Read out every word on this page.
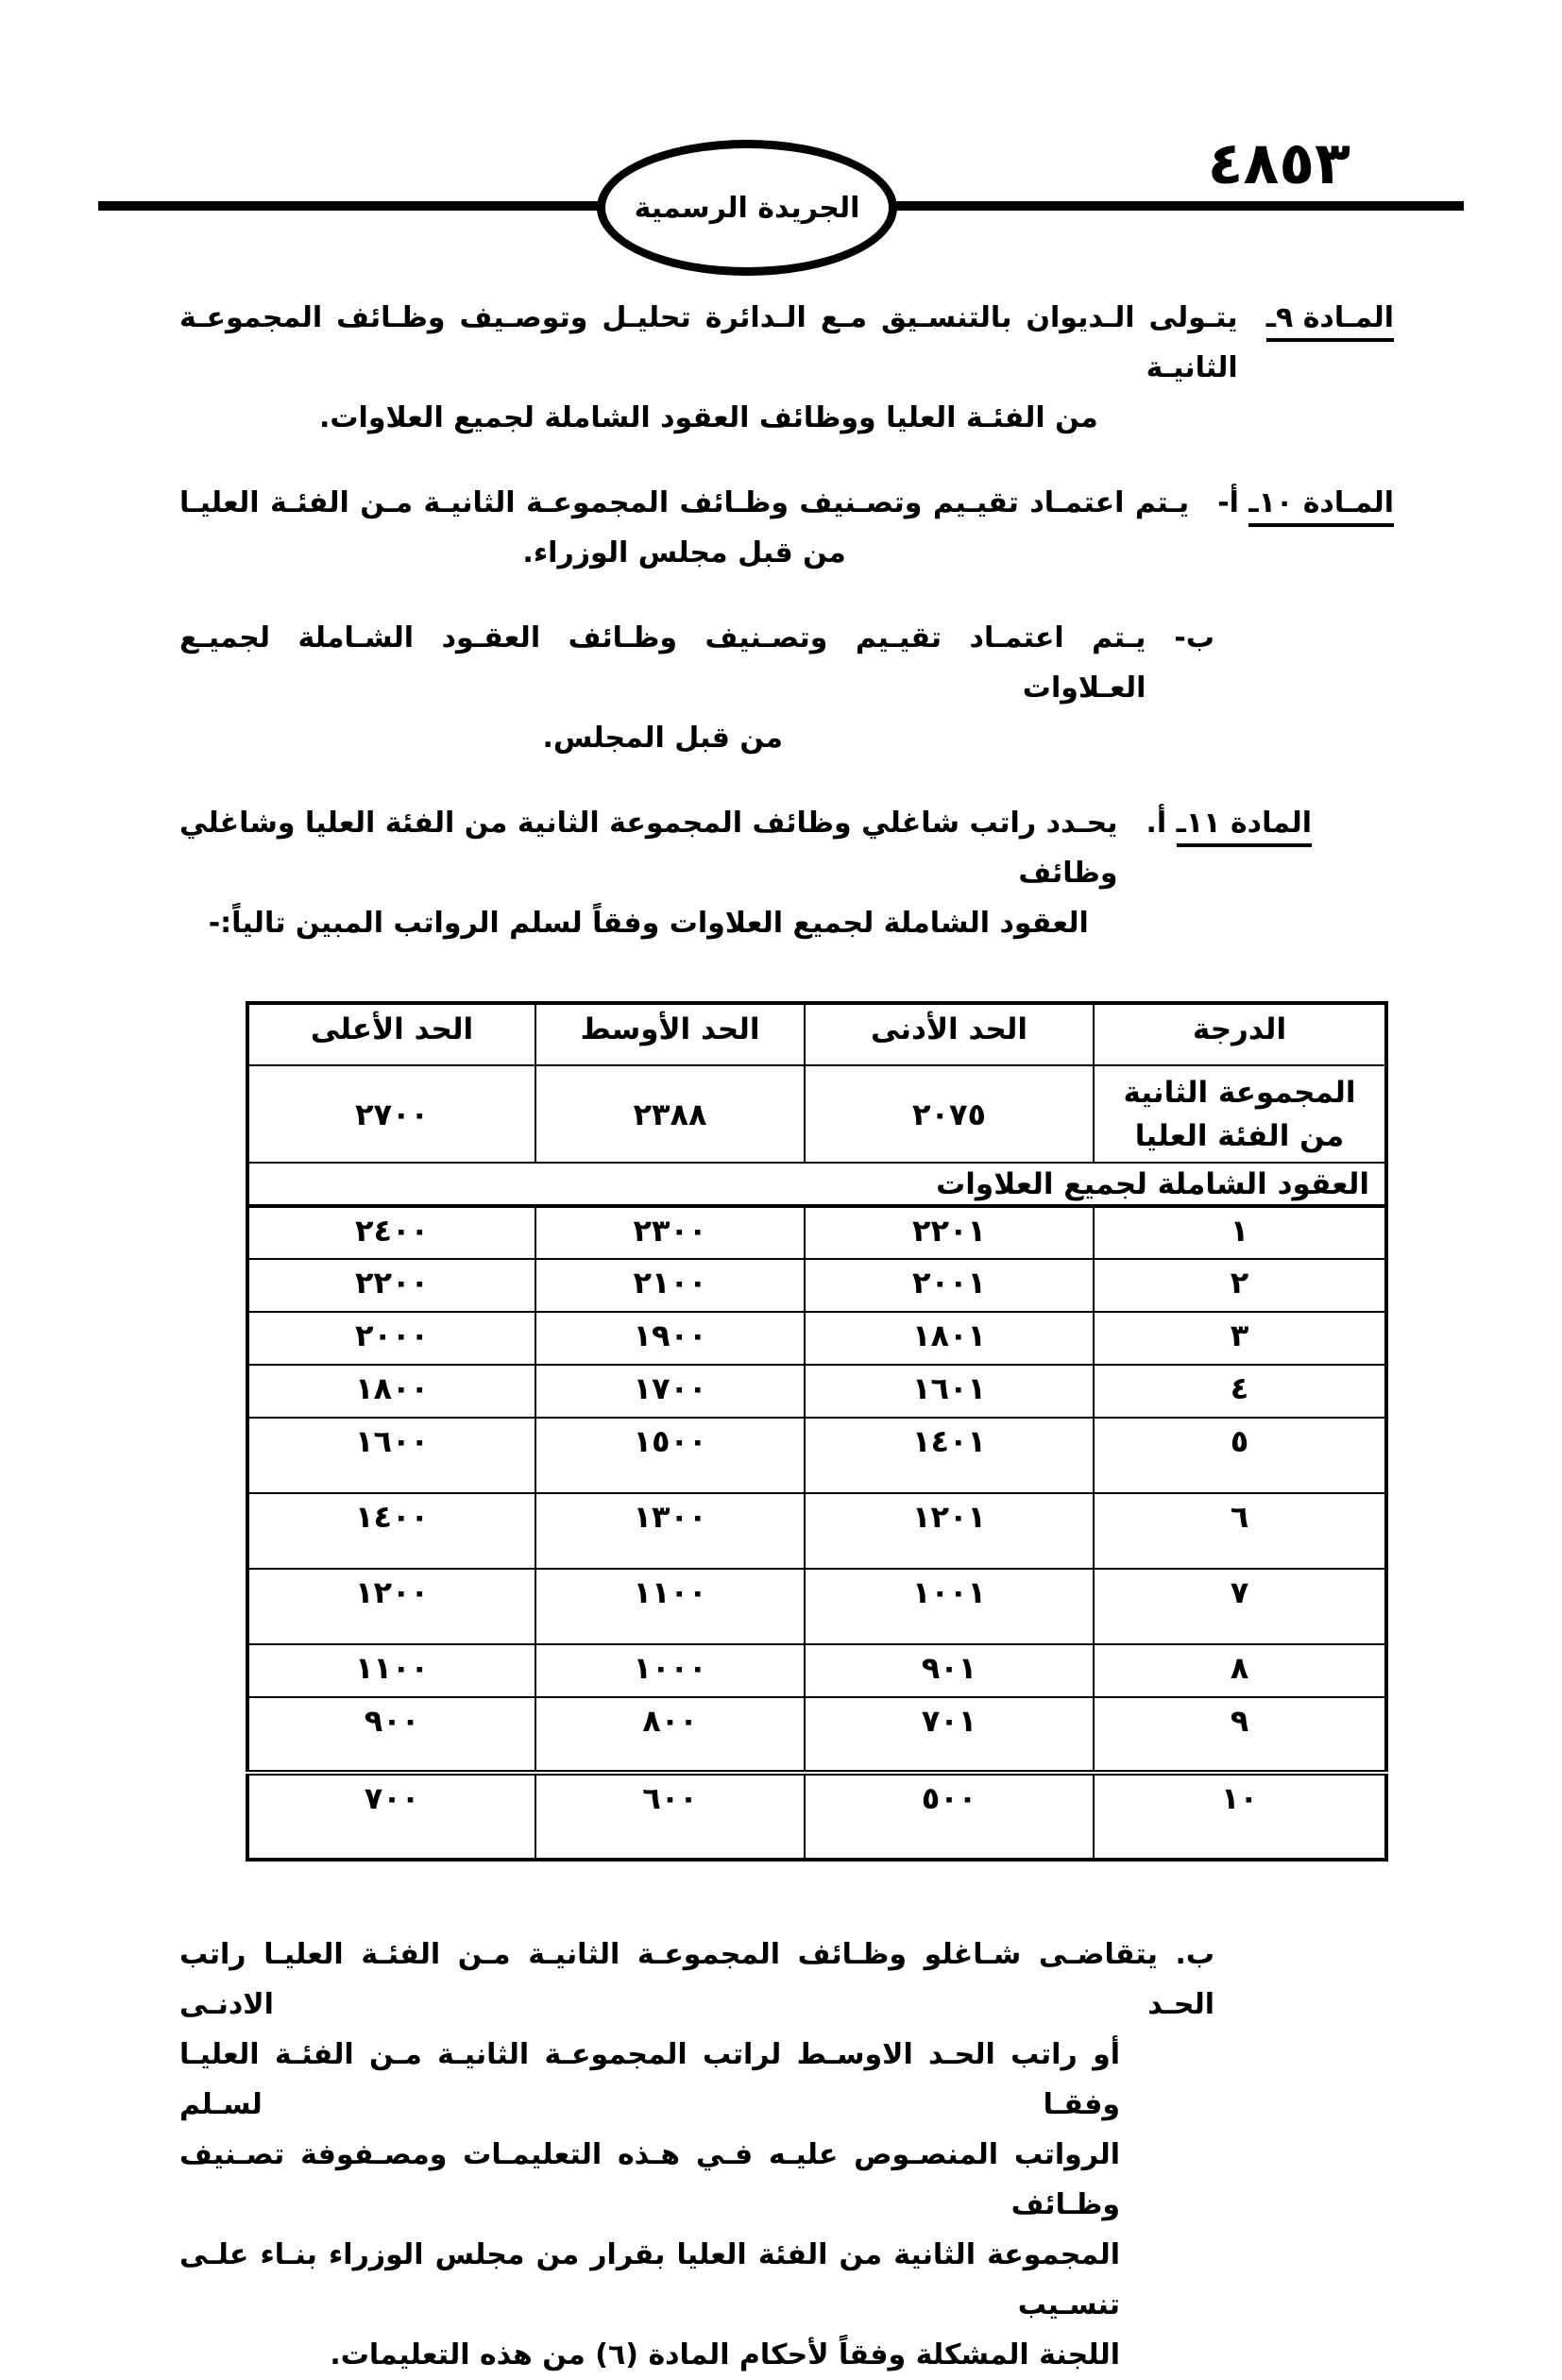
٤٨٥٣
الجريدة الرسمية
المـادة ٩ـ
يتـولى الـديوان بالتنسـيق مـع الـدائرة تحليـل وتوصـيف وظـائف المجموعـة الثانيـة
من الفئـة العليا ووظائف العقود الشاملة لجميع العلاوات.
المـادة ١٠ـ أ-
يـتم اعتمـاد تقيـيم وتصـنيف وظـائف المجموعـة الثانيـة مـن الفئـة العليـا
من قبل مجلس الوزراء.
ب-
يـتم اعتمـاد تقيـيم وتصـنيف وظـائف العقـود الشـاملة لجميـع العـلاوات
من قبل المجلس.
المادة ١١ـ أ.
يحـدد راتب شاغلي وظائف المجموعة الثانية من الفئة العليا وشاغلي وظائف
العقود الشاملة لجميع العلاوات وفقاً لسلم الرواتب المبين تالياً:-
الدرجة	الحد الأدنى	الحد الأوسط	الحد الأعلى

المجموعة الثانية
من الفئة العليا	٢٠٧٥	٢٣٨٨	٢٧٠٠
العقود الشاملة لجميع العلاوات			
١	٢٢٠١	٢٣٠٠	٢٤٠٠
٢	٢٠٠١	٢١٠٠	٢٢٠٠
٣	١٨٠١	١٩٠٠	٢٠٠٠
٤	١٦٠١	١٧٠٠	١٨٠٠
٥	١٤٠١	١٥٠٠	١٦٠٠
٦	١٢٠١	١٣٠٠	١٤٠٠
٧	١٠٠١	١١٠٠	١٢٠٠
٨	٩٠١	١٠٠٠	١١٠٠
٩	٧٠١	٨٠٠	٩٠٠
١٠	٥٠٠	٦٠٠	٧٠٠
ب. يتقاضـى شـاغلو وظـائف المجموعـة الثانيـة مـن الفئـة العليـا راتب الحـد الادنـى
أو راتب الحـد الاوسـط لراتب المجموعـة الثانيـة مـن الفئـة العليـا وفقـا لسـلم
الرواتب المنصـوص عليـه فـي هـذه التعليمـات ومصـفوفة تصـنيف وظـائف
المجموعة الثانية من الفئة العليا بقرار من مجلس الوزراء بنـاء علـى تنسـيب
اللجنة المشكلة وفقاً لأحكام المادة (٦) من هذه التعليمات.
